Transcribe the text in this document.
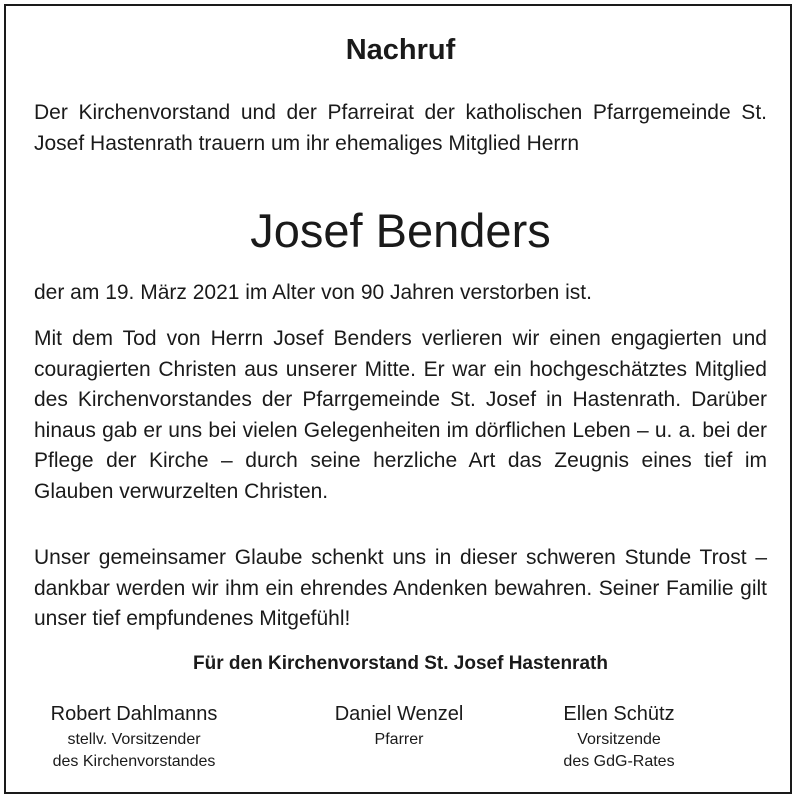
Nachruf
Der Kirchenvorstand und der Pfarreirat der katholischen Pfarrgemeinde St. Josef Hastenrath trauern um ihr ehemaliges Mitglied Herrn
Josef Benders
der am 19. März 2021 im Alter von 90 Jahren verstorben ist.
Mit dem Tod von Herrn Josef Benders verlieren wir einen engagierten und couragierten Christen aus unserer Mitte. Er war ein hochgeschätztes Mitglied des Kirchenvorstandes der Pfarrgemeinde St. Josef in Hastenrath. Darüber hinaus gab er uns bei vielen Gelegenheiten im dörflichen Leben – u. a. bei der Pflege der Kirche – durch seine herzliche Art das Zeugnis eines tief im Glauben verwurzelten Christen.
Unser gemeinsamer Glaube schenkt uns in dieser schweren Stunde Trost – dankbar werden wir ihm ein ehrendes Andenken bewahren. Seiner Familie gilt unser tief empfundenes Mitgefühl!
Für den Kirchenvorstand St. Josef Hastenrath
Robert Dahlmanns
stellv. Vorsitzender
des Kirchenvorstandes
Daniel Wenzel
Pfarrer
Ellen Schütz
Vorsitzende
des GdG-Rates
